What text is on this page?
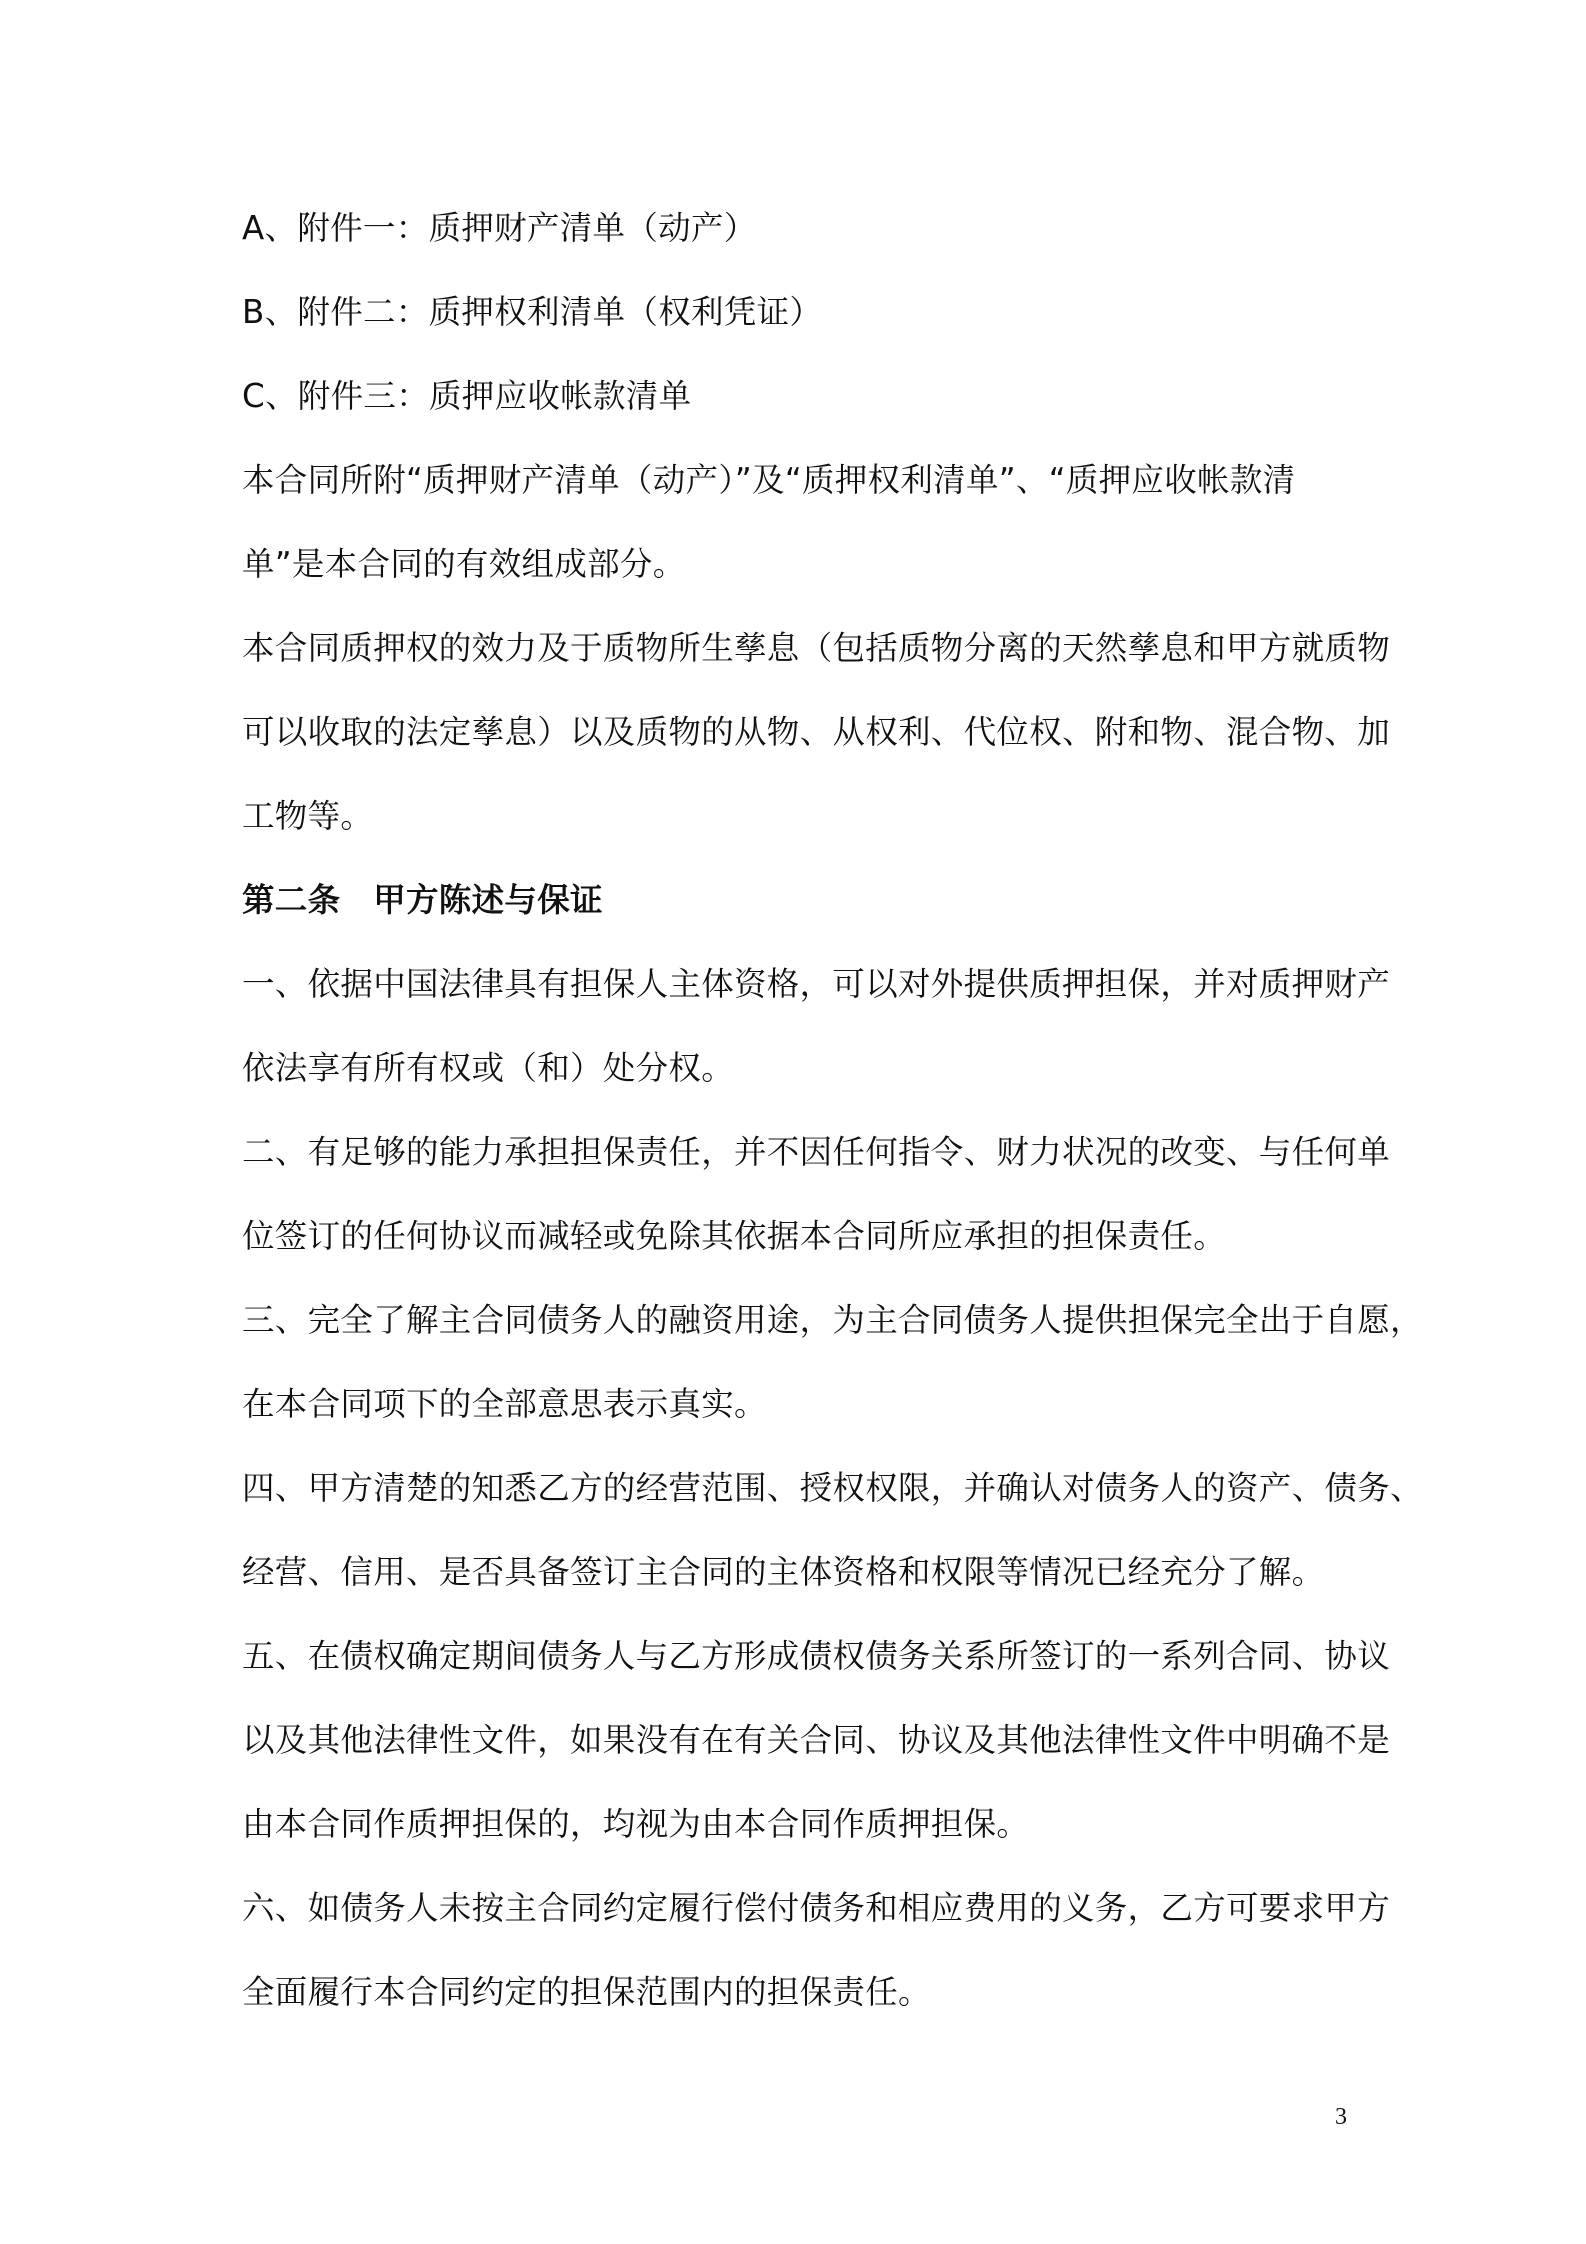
A、附件一：质押财产清单（动产）
B、附件二：质押权利清单（权利凭证）
C、附件三：质押应收帐款清单
本合同所附“质押财产清单（动产）”及“质押权利清单”、“质押应收帐款清
单”是本合同的有效组成部分。
本合同质押权的效力及于质物所生孳息（包括质物分离的天然孳息和甲方就质物
可以收取的法定孳息）以及质物的从物、从权利、代位权、附和物、混合物、加
工物等。
第二条　甲方陈述与保证
一、依据中国法律具有担保人主体资格，可以对外提供质押担保，并对质押财产
依法享有所有权或（和）处分权。
二、有足够的能力承担担保责任，并不因任何指令、财力状况的改变、与任何单
位签订的任何协议而减轻或免除其依据本合同所应承担的担保责任。
三、完全了解主合同债务人的融资用途，为主合同债务人提供担保完全出于自愿，
在本合同项下的全部意思表示真实。
四、甲方清楚的知悉乙方的经营范围、授权权限，并确认对债务人的资产、债务、
经营、信用、是否具备签订主合同的主体资格和权限等情况已经充分了解。
五、在债权确定期间债务人与乙方形成债权债务关系所签订的一系列合同、协议
以及其他法律性文件，如果没有在有关合同、协议及其他法律性文件中明确不是
由本合同作质押担保的，均视为由本合同作质押担保。
六、如债务人未按主合同约定履行偿付债务和相应费用的义务，乙方可要求甲方
全面履行本合同约定的担保范围内的担保责任。
3
